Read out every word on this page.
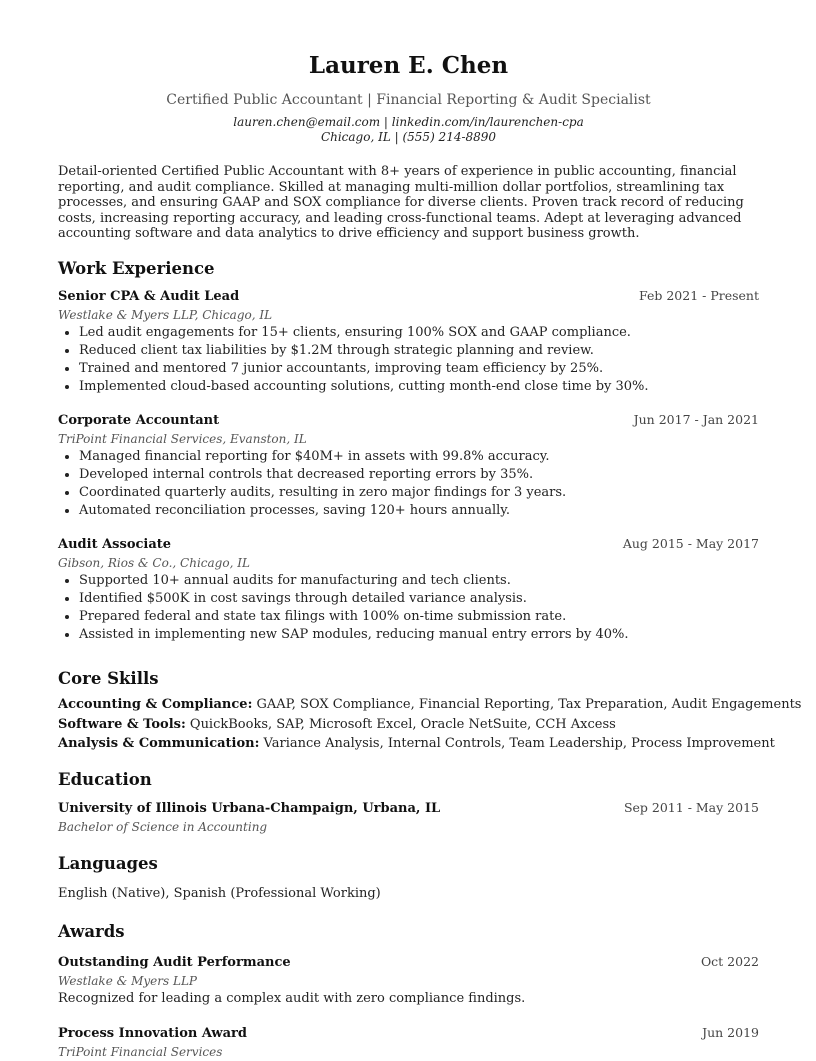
Lauren E. Chen
Certified Public Accountant | Financial Reporting & Audit Specialist
lauren.chen@email.com | linkedin.com/in/laurenchen-cpa
Chicago, IL | (555) 214-8890
Detail-oriented Certified Public Accountant with 8+ years of experience in public accounting, financial reporting, and audit compliance. Skilled at managing multi-million dollar portfolios, streamlining tax processes, and ensuring GAAP and SOX compliance for diverse clients. Proven track record of reducing costs, increasing reporting accuracy, and leading cross-functional teams. Adept at leveraging advanced accounting software and data analytics to drive efficiency and support business growth.
Work Experience
Senior CPA & Audit Lead	Feb 2021 - Present
Westlake & Myers LLP, Chicago, IL
• Led audit engagements for 15+ clients, ensuring 100% SOX and GAAP compliance.
• Reduced client tax liabilities by $1.2M through strategic planning and review.
• Trained and mentored 7 junior accountants, improving team efficiency by 25%.
• Implemented cloud-based accounting solutions, cutting month-end close time by 30%.
Corporate Accountant	Jun 2017 - Jan 2021
TriPoint Financial Services, Evanston, IL
• Managed financial reporting for $40M+ in assets with 99.8% accuracy.
• Developed internal controls that decreased reporting errors by 35%.
• Coordinated quarterly audits, resulting in zero major findings for 3 years.
• Automated reconciliation processes, saving 120+ hours annually.
Audit Associate	Aug 2015 - May 2017
Gibson, Rios & Co., Chicago, IL
• Supported 10+ annual audits for manufacturing and tech clients.
• Identified $500K in cost savings through detailed variance analysis.
• Prepared federal and state tax filings with 100% on-time submission rate.
• Assisted in implementing new SAP modules, reducing manual entry errors by 40%.
Core Skills
Accounting & Compliance: GAAP, SOX Compliance, Financial Reporting, Tax Preparation, Audit Engagements
Software & Tools: QuickBooks, SAP, Microsoft Excel, Oracle NetSuite, CCH Axcess
Analysis & Communication: Variance Analysis, Internal Controls, Team Leadership, Process Improvement
Education
University of Illinois Urbana-Champaign, Urbana, IL	Sep 2011 - May 2015
Bachelor of Science in Accounting
Languages
English (Native), Spanish (Professional Working)
Awards
Outstanding Audit Performance	Oct 2022
Westlake & Myers LLP
Recognized for leading a complex audit with zero compliance findings.
Process Innovation Award	Jun 2019
TriPoint Financial Services
